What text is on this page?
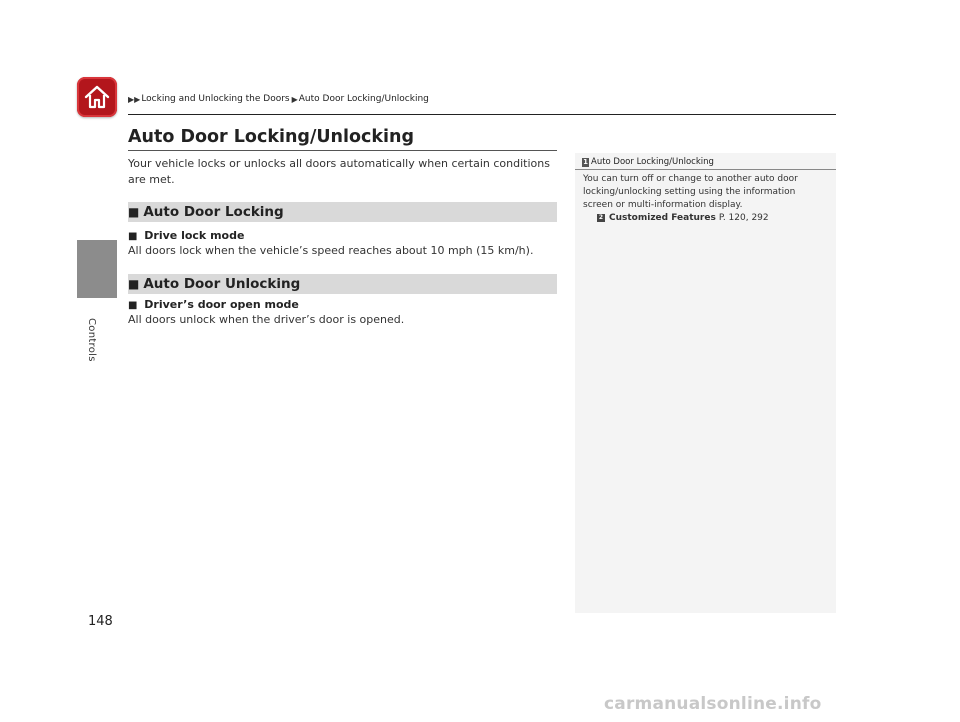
Controls
▶▶ Locking and Unlocking the Doors ▶ Auto Door Locking/Unlocking
Auto Door Locking/Unlocking
Your vehicle locks or unlocks all doors automatically when certain conditions are met.
■ Auto Door Locking
■ Drive lock mode
All doors lock when the vehicle’s speed reaches about 10 mph (15 km/h).
■ Auto Door Unlocking
■ Driver’s door open mode
All doors unlock when the driver’s door is opened.
1 Auto Door Locking/Unlocking
You can turn off or change to another auto door
locking/unlocking setting using the information
screen or multi-information display.
2 Customized Features P. 120, 292
148
carmanualsonline.info
